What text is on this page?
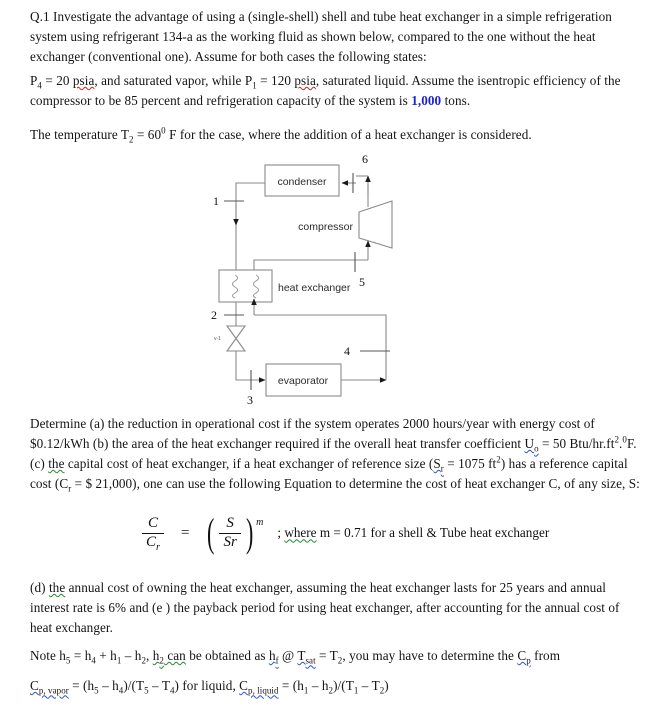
Q.1 Investigate the advantage of using a (single-shell) shell and tube heat exchanger in a simple refrigeration system using refrigerant 134-a as the working fluid as shown below, compared to the one without the heat exchanger (conventional one). Assume for both cases the following states:
$P_4 = 20$ psia, and saturated vapor, while $P_1 = 120$ psia, saturated liquid. Assume the isentropic efficiency of the compressor to be 85 percent and refrigeration capacity of the system is 1,000 tons.
The temperature $T_2 = 60^0$ F for the case, where the addition of a heat exchanger is considered.
condenser
1
6
compressor
5
heat exchanger
2
v-1
3
evaporator
4
Determine (a) the reduction in operational cost if the system operates 2000 hours/year with energy cost of $0.12/kWh (b) the area of the heat exchanger required if the overall heat transfer coefficient $U_o = 50$ Btu/$hr.ft^2.^0F$. (c) the capital cost of heat exchanger, if a heat exchanger of reference size ($S_r = 1075$ $ft^2$) has a reference capital cost ($C_r$ = $ 21,000), one can use the following Equation to determine the cost of heat exchanger C, of any size, S:
$\frac{C}{C_r}$ = ( $\frac{S}{Sr}$ ) m
; where m = 0.71 for a shell & Tube heat exchanger
(d) the annual cost of owning the heat exchanger, assuming the heat exchanger lasts for 25 years and annual interest rate is 6% and (e ) the payback period for using heat exchanger, after accounting for the annual cost of heat exchanger.
Note $h_5 = h_4 + h_1 - h_2$, $h_2$ can be obtained as $h_f$ @ $T_{sat} = T_2$, you may have to determine the $C_p$ from
$C_{p, vapor} = (h_5 - h_4)/(T_5 - T_4)$ for liquid, $C_{p, liquid} = (h_1 - h_2)/(T_1 - T_2)$
